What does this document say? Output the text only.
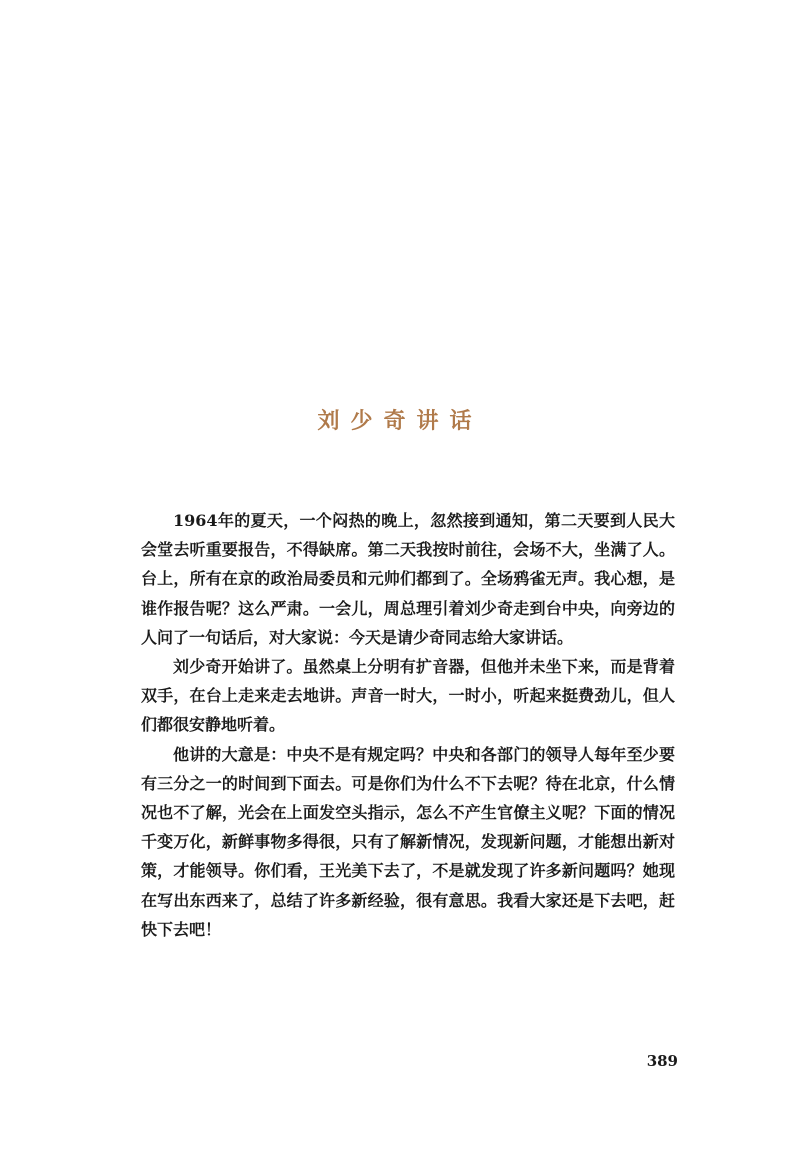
刘少奇讲话

1964年的夏天，一个闷热的晚上，忽然接到通知，第二天要到人民大会堂去听重要报告，不得缺席。第二天我按时前往，会场不大，坐满了人。台上，所有在京的政治局委员和元帅们都到了。全场鸦雀无声。我心想，是谁作报告呢？这么严肃。一会儿，周总理引着刘少奇走到台中央，向旁边的人问了一句话后，对大家说：今天是请少奇同志给大家讲话。

刘少奇开始讲了。虽然桌上分明有扩音器，但他并未坐下来，而是背着双手，在台上走来走去地讲。声音一时大，一时小，听起来挺费劲儿，但人们都很安静地听着。

他讲的大意是：中央不是有规定吗？中央和各部门的领导人每年至少要有三分之一的时间到下面去。可是你们为什么不下去呢？待在北京，什么情况也不了解，光会在上面发空头指示，怎么不产生官僚主义呢？下面的情况千变万化，新鲜事物多得很，只有了解新情况，发现新问题，才能想出新对策，才能领导。你们看，王光美下去了，不是就发现了许多新问题吗？她现在写出东西来了，总结了许多新经验，很有意思。我看大家还是下去吧，赶快下去吧！

389
